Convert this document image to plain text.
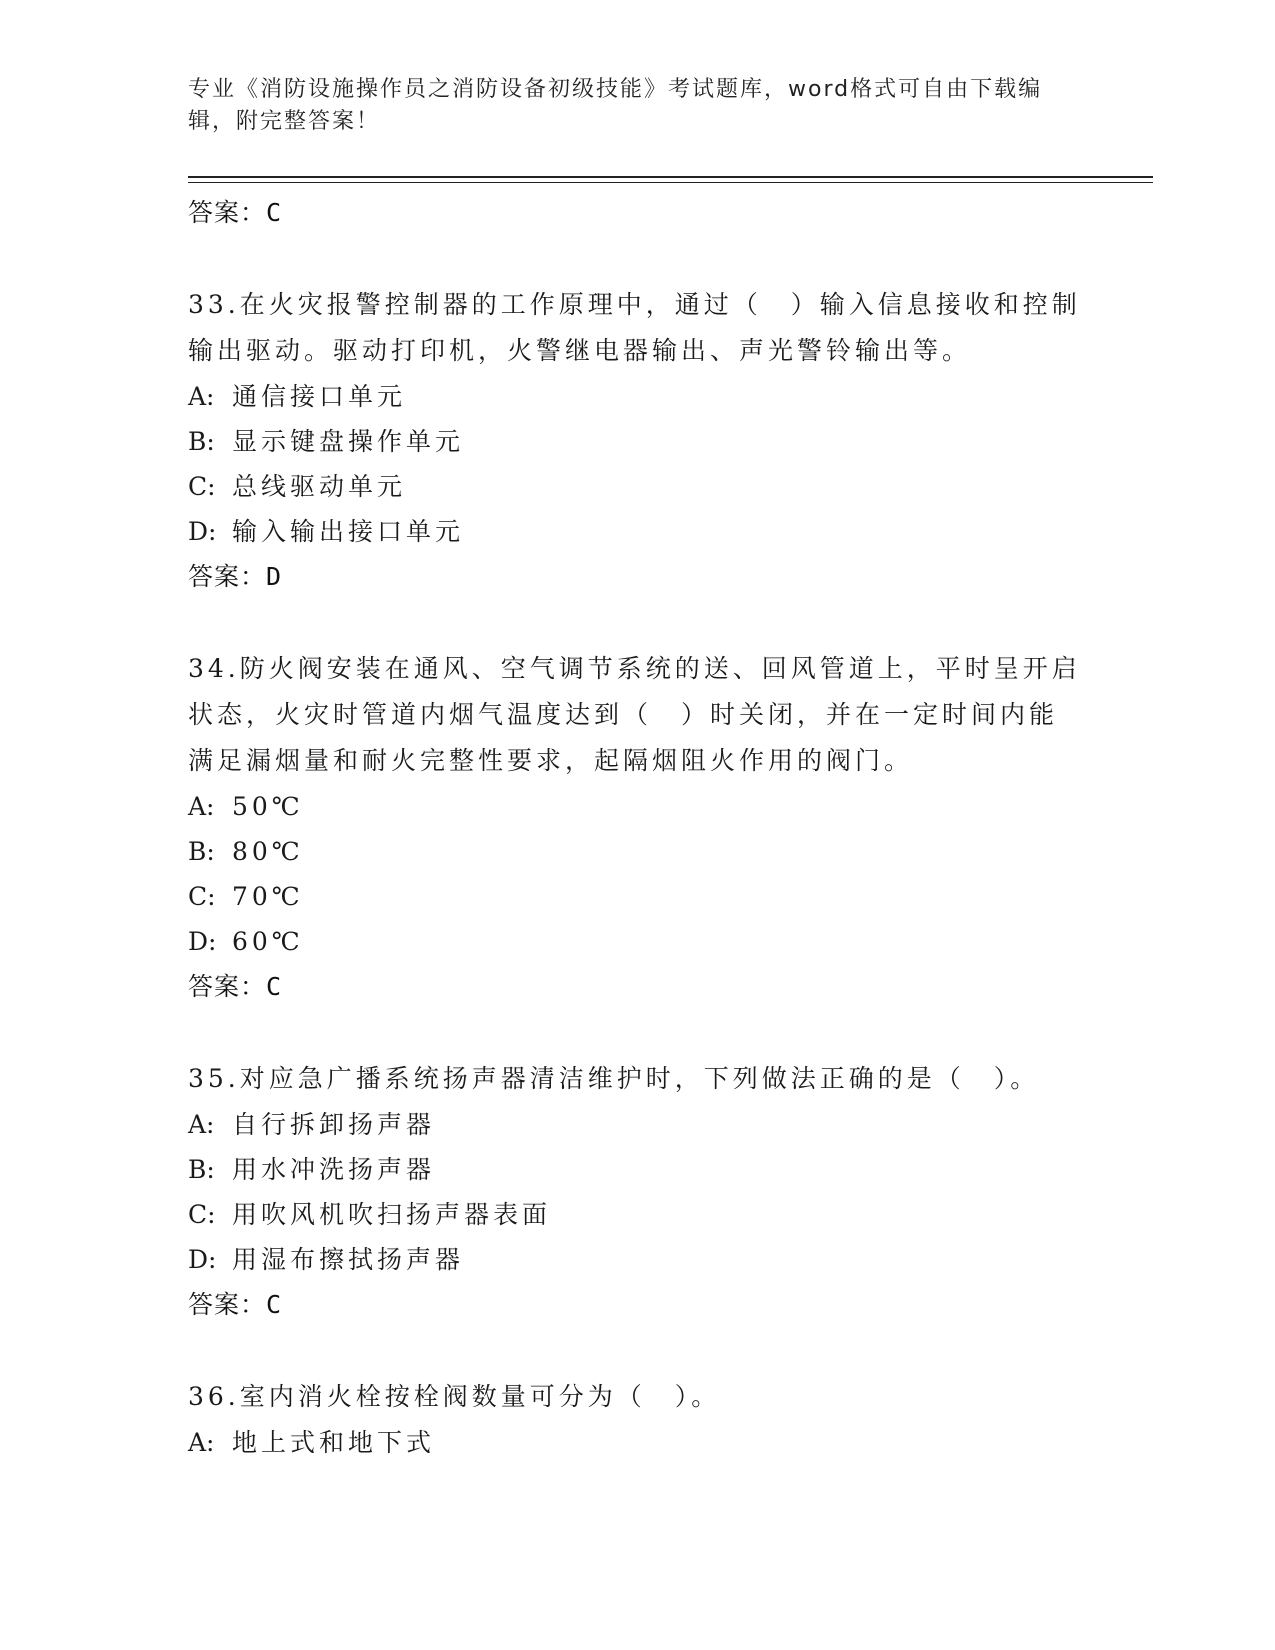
专业《消防设施操作员之消防设备初级技能》考试题库，word格式可自由下载编
辑，附完整答案！
答案：C
33.在火灾报警控制器的工作原理中，通过（　）输入信息接收和控制
输出驱动。驱动打印机，火警继电器输出、声光警铃输出等。
A: 通信接口单元
B: 显示键盘操作单元
C: 总线驱动单元
D: 输入输出接口单元
答案：D
34.防火阀安装在通风、空气调节系统的送、回风管道上，平时呈开启
状态，火灾时管道内烟气温度达到（　）时关闭，并在一定时间内能
满足漏烟量和耐火完整性要求，起隔烟阻火作用的阀门。
A: 50℃
B: 80℃
C: 70℃
D: 60℃
答案：C
35.对应急广播系统扬声器清洁维护时，下列做法正确的是（　）。
A: 自行拆卸扬声器
B: 用水冲洗扬声器
C: 用吹风机吹扫扬声器表面
D: 用湿布擦拭扬声器
答案：C
36.室内消火栓按栓阀数量可分为（　）。
A: 地上式和地下式
